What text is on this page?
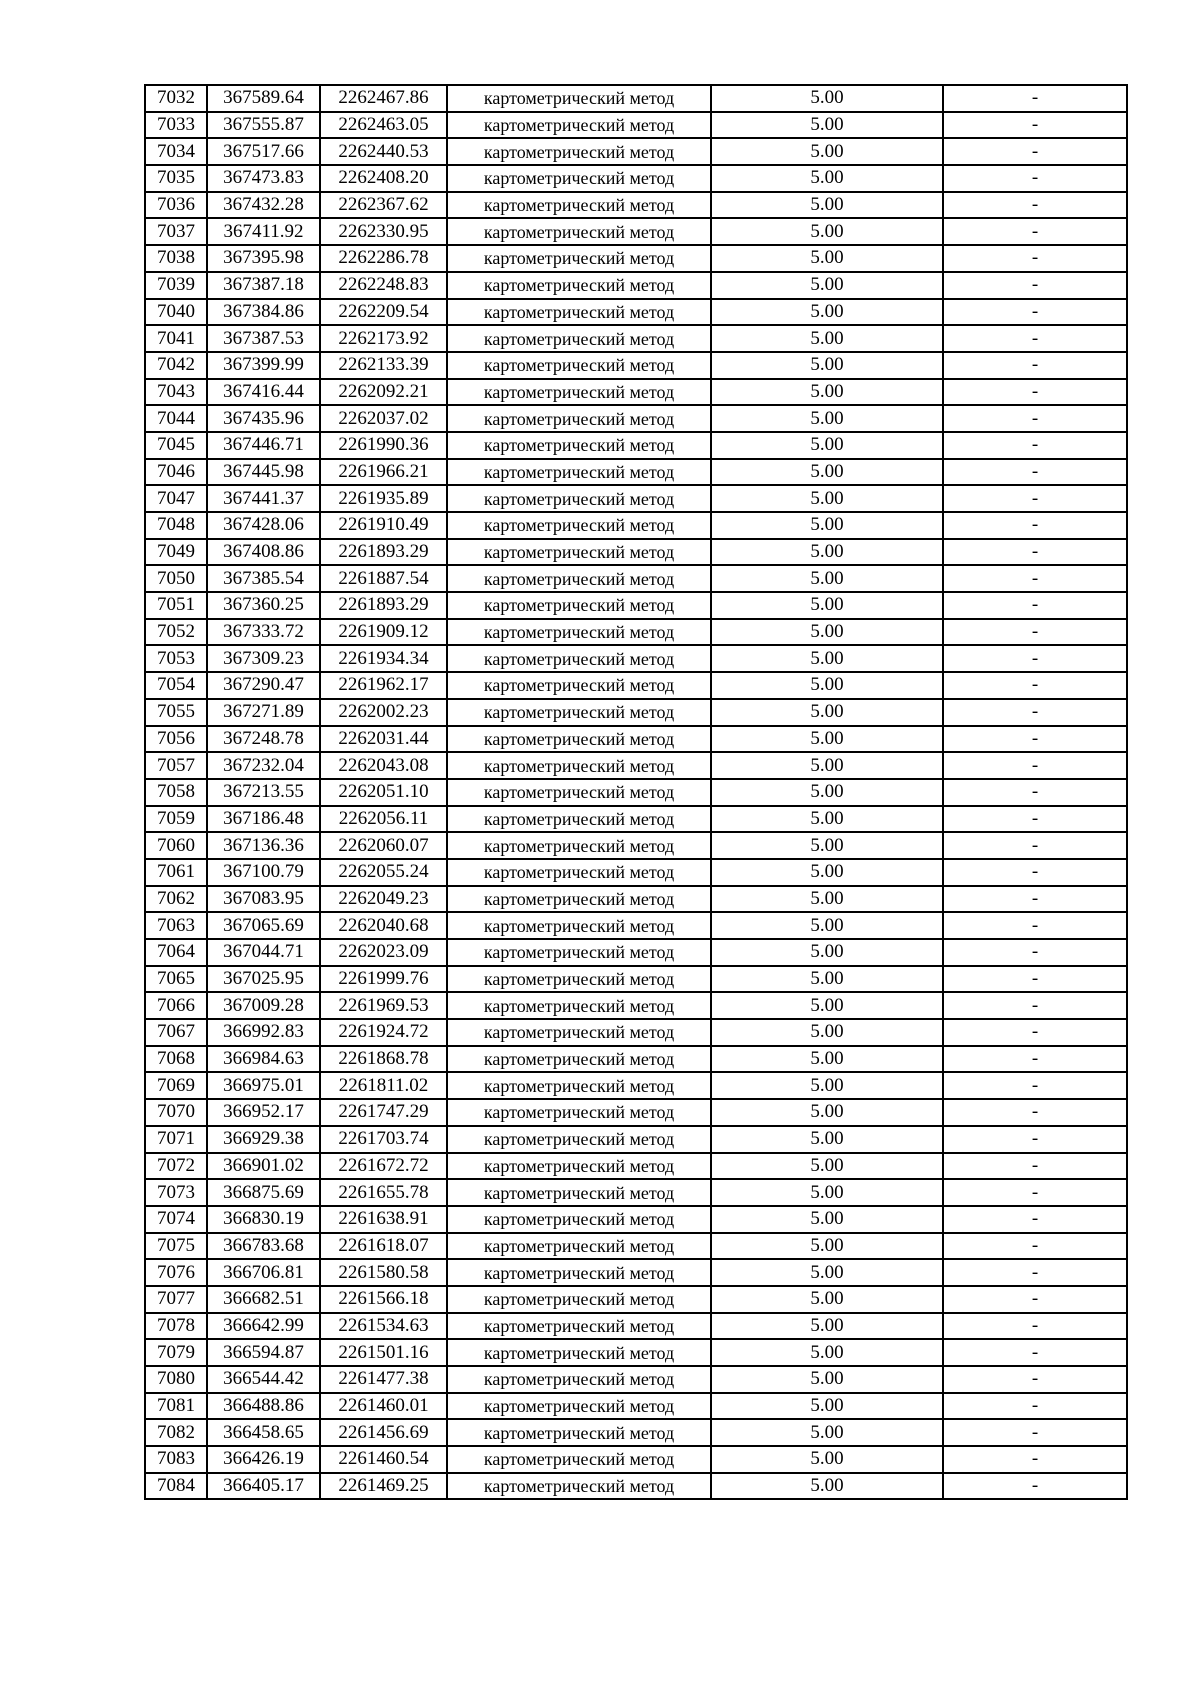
7032	367589.64	2262467.86	картометрический метод	5.00	-
7033	367555.87	2262463.05	картометрический метод	5.00	-
7034	367517.66	2262440.53	картометрический метод	5.00	-
7035	367473.83	2262408.20	картометрический метод	5.00	-
7036	367432.28	2262367.62	картометрический метод	5.00	-
7037	367411.92	2262330.95	картометрический метод	5.00	-
7038	367395.98	2262286.78	картометрический метод	5.00	-
7039	367387.18	2262248.83	картометрический метод	5.00	-
7040	367384.86	2262209.54	картометрический метод	5.00	-
7041	367387.53	2262173.92	картометрический метод	5.00	-
7042	367399.99	2262133.39	картометрический метод	5.00	-
7043	367416.44	2262092.21	картометрический метод	5.00	-
7044	367435.96	2262037.02	картометрический метод	5.00	-
7045	367446.71	2261990.36	картометрический метод	5.00	-
7046	367445.98	2261966.21	картометрический метод	5.00	-
7047	367441.37	2261935.89	картометрический метод	5.00	-
7048	367428.06	2261910.49	картометрический метод	5.00	-
7049	367408.86	2261893.29	картометрический метод	5.00	-
7050	367385.54	2261887.54	картометрический метод	5.00	-
7051	367360.25	2261893.29	картометрический метод	5.00	-
7052	367333.72	2261909.12	картометрический метод	5.00	-
7053	367309.23	2261934.34	картометрический метод	5.00	-
7054	367290.47	2261962.17	картометрический метод	5.00	-
7055	367271.89	2262002.23	картометрический метод	5.00	-
7056	367248.78	2262031.44	картометрический метод	5.00	-
7057	367232.04	2262043.08	картометрический метод	5.00	-
7058	367213.55	2262051.10	картометрический метод	5.00	-
7059	367186.48	2262056.11	картометрический метод	5.00	-
7060	367136.36	2262060.07	картометрический метод	5.00	-
7061	367100.79	2262055.24	картометрический метод	5.00	-
7062	367083.95	2262049.23	картометрический метод	5.00	-
7063	367065.69	2262040.68	картометрический метод	5.00	-
7064	367044.71	2262023.09	картометрический метод	5.00	-
7065	367025.95	2261999.76	картометрический метод	5.00	-
7066	367009.28	2261969.53	картометрический метод	5.00	-
7067	366992.83	2261924.72	картометрический метод	5.00	-
7068	366984.63	2261868.78	картометрический метод	5.00	-
7069	366975.01	2261811.02	картометрический метод	5.00	-
7070	366952.17	2261747.29	картометрический метод	5.00	-
7071	366929.38	2261703.74	картометрический метод	5.00	-
7072	366901.02	2261672.72	картометрический метод	5.00	-
7073	366875.69	2261655.78	картометрический метод	5.00	-
7074	366830.19	2261638.91	картометрический метод	5.00	-
7075	366783.68	2261618.07	картометрический метод	5.00	-
7076	366706.81	2261580.58	картометрический метод	5.00	-
7077	366682.51	2261566.18	картометрический метод	5.00	-
7078	366642.99	2261534.63	картометрический метод	5.00	-
7079	366594.87	2261501.16	картометрический метод	5.00	-
7080	366544.42	2261477.38	картометрический метод	5.00	-
7081	366488.86	2261460.01	картометрический метод	5.00	-
7082	366458.65	2261456.69	картометрический метод	5.00	-
7083	366426.19	2261460.54	картометрический метод	5.00	-
7084	366405.17	2261469.25	картометрический метод	5.00	-
